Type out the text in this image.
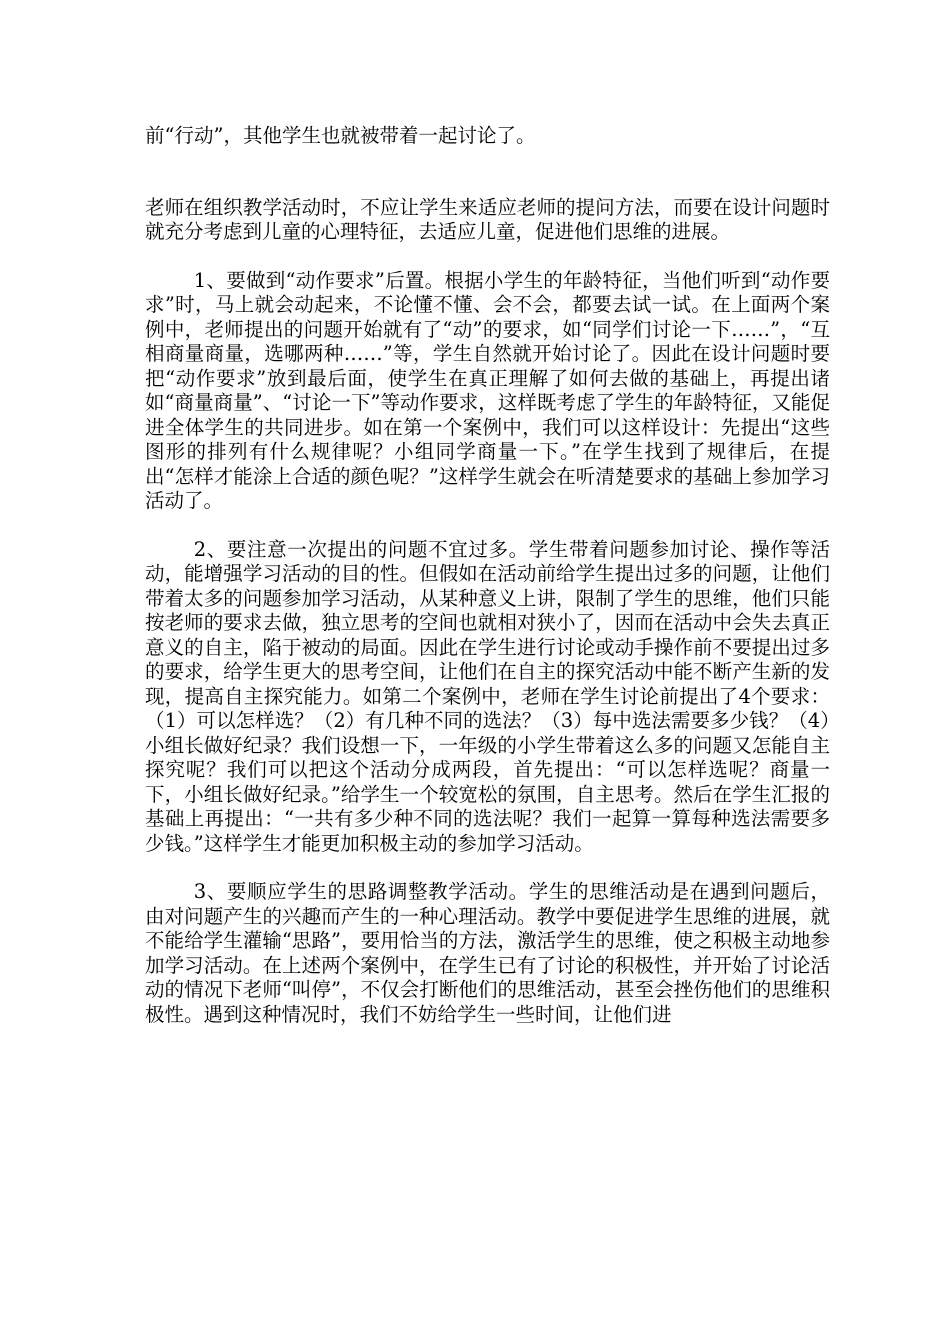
前“行动”，其他学生也就被带着一起讨论了。

老师在组织教学活动时，不应让学生来适应老师的提问方法，而要在设计问题时就充分考虑到儿童的心理特征，去适应儿童，促进他们思维的进展。

1、要做到“动作要求”后置。根据小学生的年龄特征，当他们听到“动作要求”时，马上就会动起来，不论懂不懂、会不会，都要去试一试。在上面两个案例中，老师提出的问题开始就有了“动”的要求，如“同学们讨论一下……”，“互相商量商量，选哪两种……”等，学生自然就开始讨论了。因此在设计问题时要把“动作要求”放到最后面，使学生在真正理解了如何去做的基础上，再提出诸如“商量商量”、“讨论一下”等动作要求，这样既考虑了学生的年龄特征，又能促进全体学生的共同进步。如在第一个案例中，我们可以这样设计：先提出“这些图形的排列有什么规律呢？小组同学商量一下。”在学生找到了规律后，在提出“怎样才能涂上合适的颜色呢？”这样学生就会在听清楚要求的基础上参加学习活动了。

2、要注意一次提出的问题不宜过多。学生带着问题参加讨论、操作等活动，能增强学习活动的目的性。但假如在活动前给学生提出过多的问题，让他们带着太多的问题参加学习活动，从某种意义上讲，限制了学生的思维，他们只能按老师的要求去做，独立思考的空间也就相对狭小了，因而在活动中会失去真正意义的自主，陷于被动的局面。因此在学生进行讨论或动手操作前不要提出过多的要求，给学生更大的思考空间，让他们在自主的探究活动中能不断产生新的发现，提高自主探究能力。如第二个案例中，老师在学生讨论前提出了4个要求：（1）可以怎样选？（2）有几种不同的选法？（3）每中选法需要多少钱？（4）小组长做好纪录？我们设想一下，一年级的小学生带着这么多的问题又怎能自主探究呢？我们可以把这个活动分成两段，首先提出：“可以怎样选呢？商量一下，小组长做好纪录。”给学生一个较宽松的氛围，自主思考。然后在学生汇报的基础上再提出：“一共有多少种不同的选法呢？我们一起算一算每种选法需要多少钱。”这样学生才能更加积极主动的参加学习活动。

3、要顺应学生的思路调整教学活动。学生的思维活动是在遇到问题后，由对问题产生的兴趣而产生的一种心理活动。教学中要促进学生思维的进展，就不能给学生灌输“思路”，要用恰当的方法，激活学生的思维，使之积极主动地参加学习活动。在上述两个案例中，在学生已有了讨论的积极性，并开始了讨论活动的情况下老师“叫停”，不仅会打断他们的思维活动，甚至会挫伤他们的思维积极性。遇到这种情况时，我们不妨给学生一些时间，让他们进
